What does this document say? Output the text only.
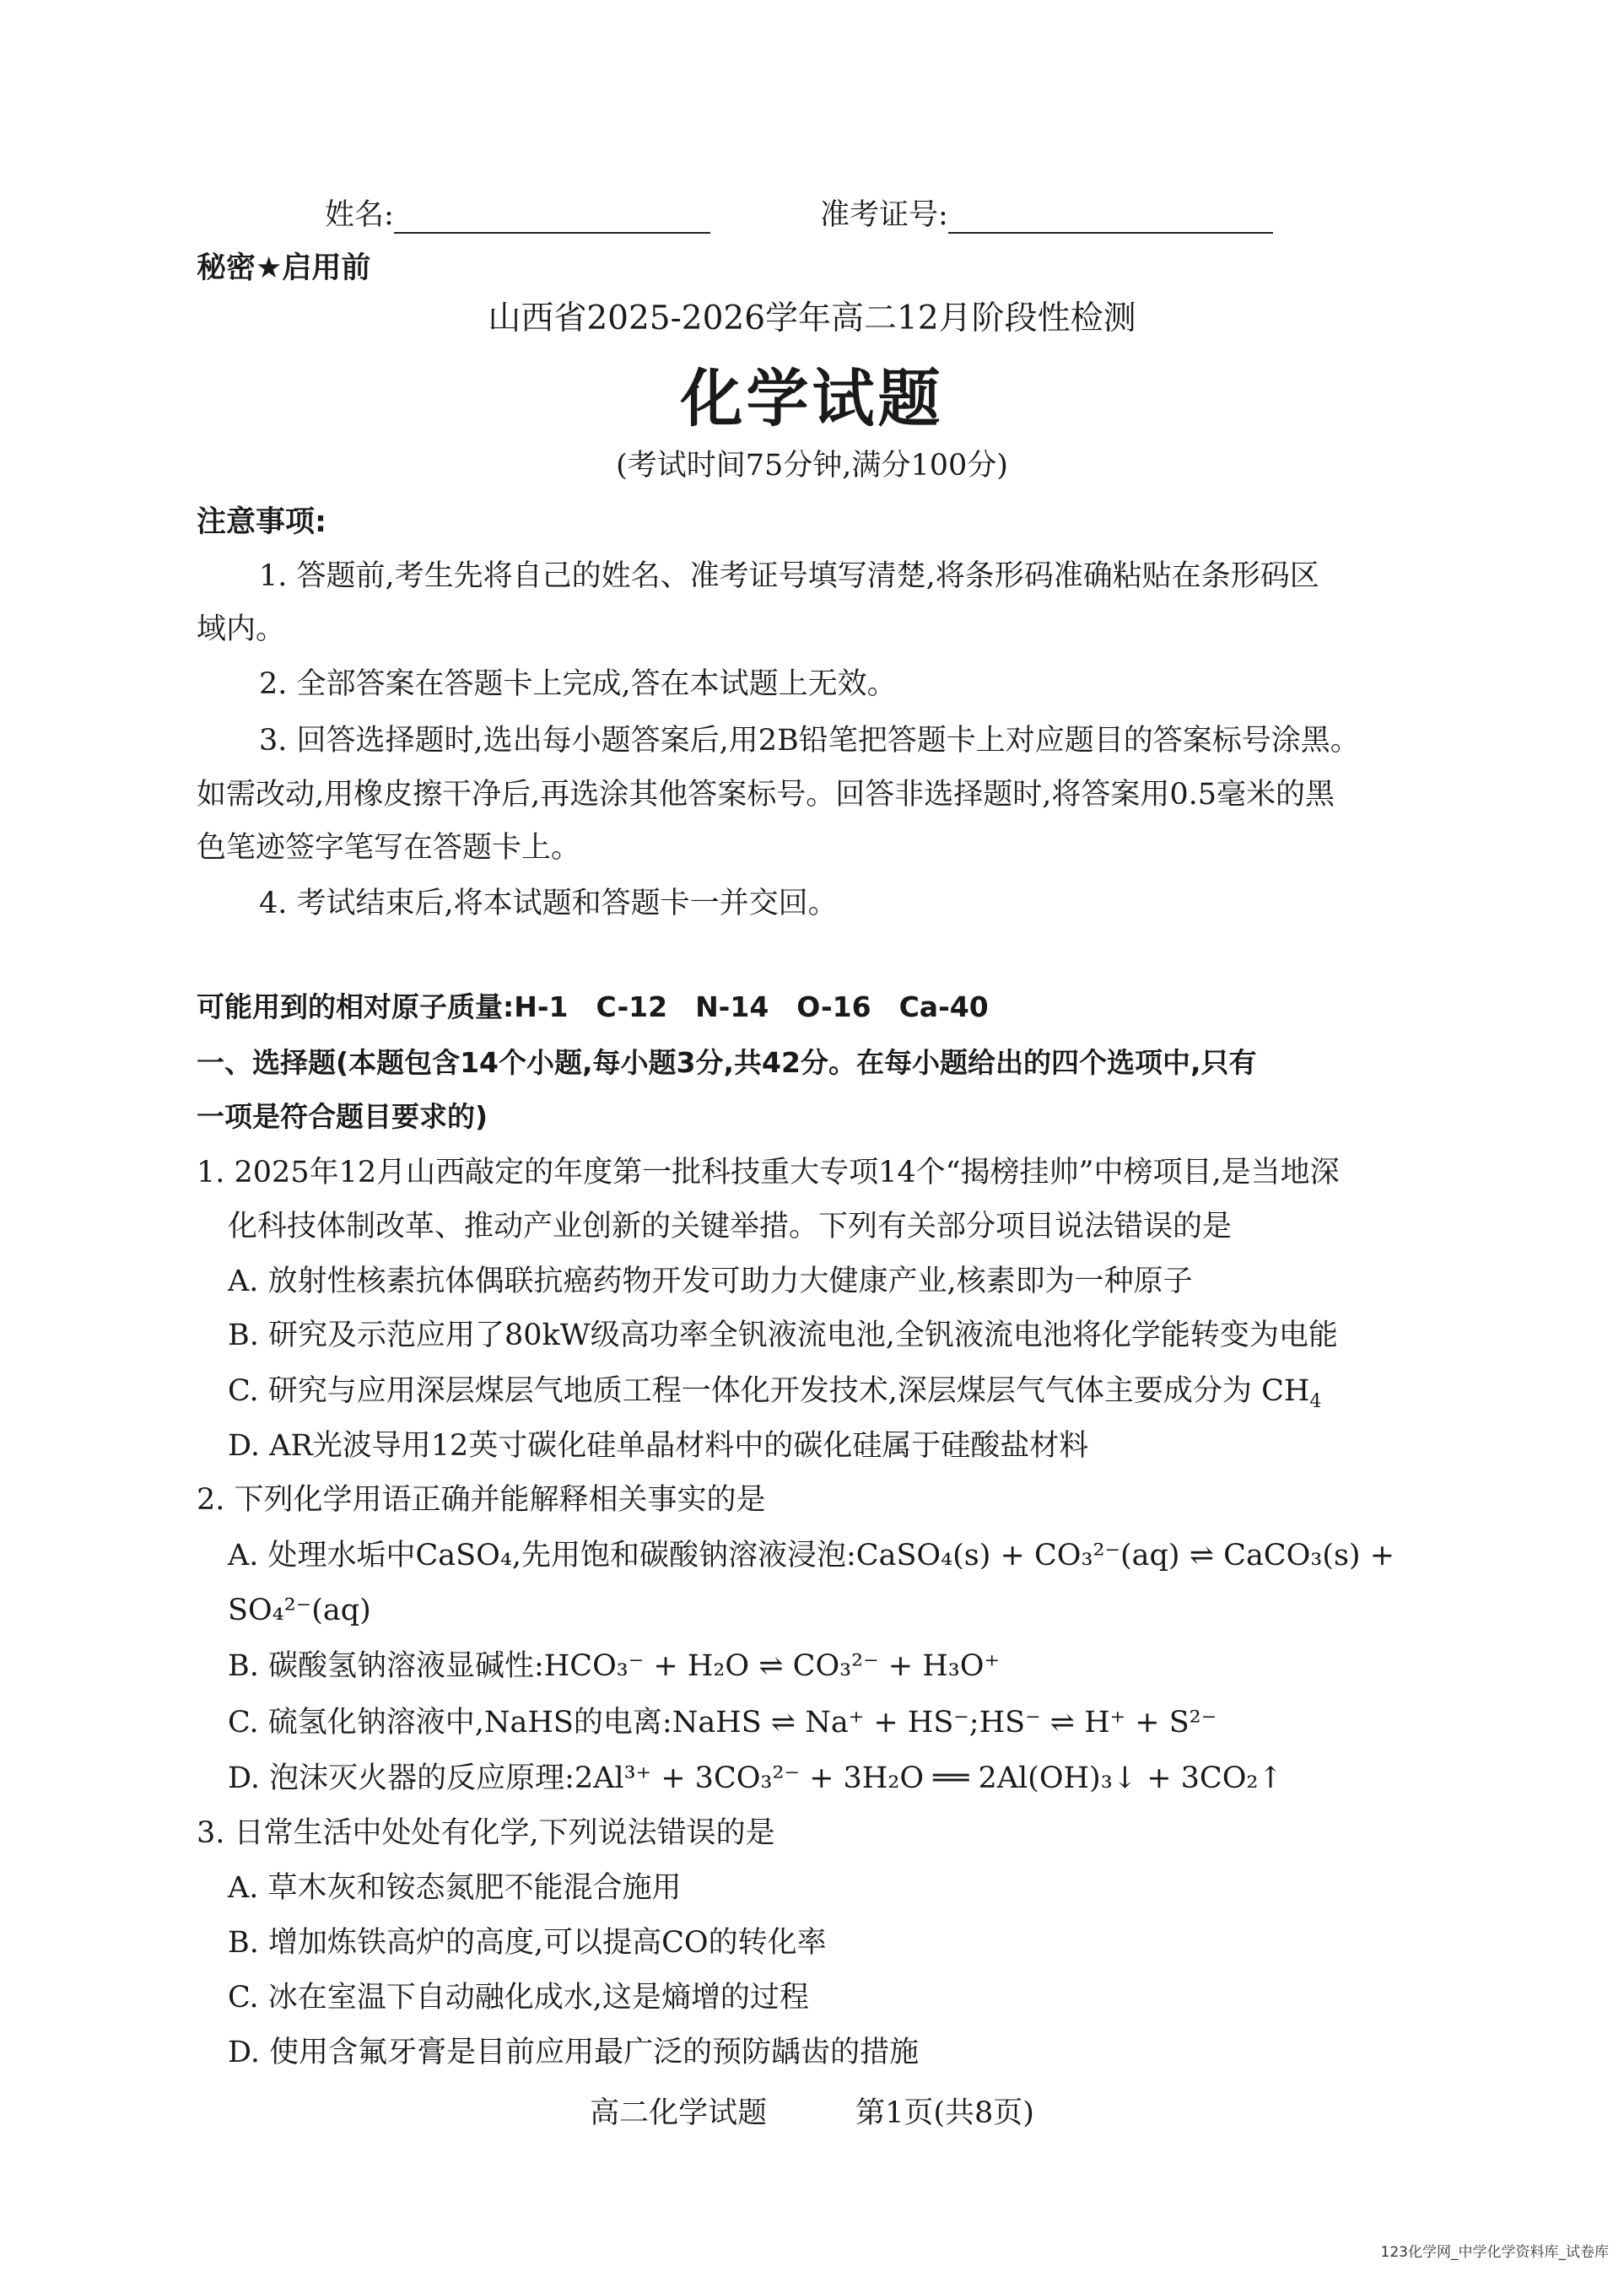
姓名:	准考证号:
秘密★启用前
山西省2025-2026学年高二12月阶段性检测
化学试题
(考试时间75分钟,满分100分)
注意事项:
1. 答题前,考生先将自己的姓名、准考证号填写清楚,将条形码准确粘贴在条形码区
域内。
2. 全部答案在答题卡上完成,答在本试题上无效。
3. 回答选择题时,选出每小题答案后,用2B铅笔把答题卡上对应题目的答案标号涂黑。
如需改动,用橡皮擦干净后,再选涂其他答案标号。回答非选择题时,将答案用0.5毫米的黑
色笔迹签字笔写在答题卡上。
4. 考试结束后,将本试题和答题卡一并交回。
可能用到的相对原子质量:H-1　C-12　N-14　O-16　Ca-40
一、选择题(本题包含14个小题,每小题3分,共42分。在每小题给出的四个选项中,只有
一项是符合题目要求的)
1. 2025年12月山西敲定的年度第一批科技重大专项14个“揭榜挂帅”中榜项目,是当地深
化科技体制改革、推动产业创新的关键举措。下列有关部分项目说法错误的是
A. 放射性核素抗体偶联抗癌药物开发可助力大健康产业,核素即为一种原子
B. 研究及示范应用了80kW级高功率全钒液流电池,全钒液流电池将化学能转变为电能
C. 研究与应用深层煤层气地质工程一体化开发技术,深层煤层气气体主要成分为 $CH_4$
D. AR光波导用12英寸碳化硅单晶材料中的碳化硅属于硅酸盐材料
2. 下列化学用语正确并能解释相关事实的是
A. 处理水垢中CaSO₄,先用饱和碳酸钠溶液浸泡:CaSO₄(s) + CO₃²⁻(aq) ⇌ CaCO₃(s) +
SO₄²⁻(aq)
B. 碳酸氢钠溶液显碱性:HCO₃⁻ + H₂O ⇌ CO₃²⁻ + H₃O⁺
C. 硫氢化钠溶液中,NaHS的电离:NaHS ⇌ Na⁺ + HS⁻;HS⁻ ⇌ H⁺ + S²⁻
D. 泡沫灭火器的反应原理:2Al³⁺ + 3CO₃²⁻ + 3H₂O ══ 2Al(OH)₃↓ + 3CO₂↑
3. 日常生活中处处有化学,下列说法错误的是
A. 草木灰和铵态氮肥不能混合施用
B. 增加炼铁高炉的高度,可以提高CO的转化率
C. 冰在室温下自动融化成水,这是熵增的过程
D. 使用含氟牙膏是目前应用最广泛的预防龋齿的措施
高二化学试题　　　第1页(共8页)
123化学网_中学化学资料库_试卷库
